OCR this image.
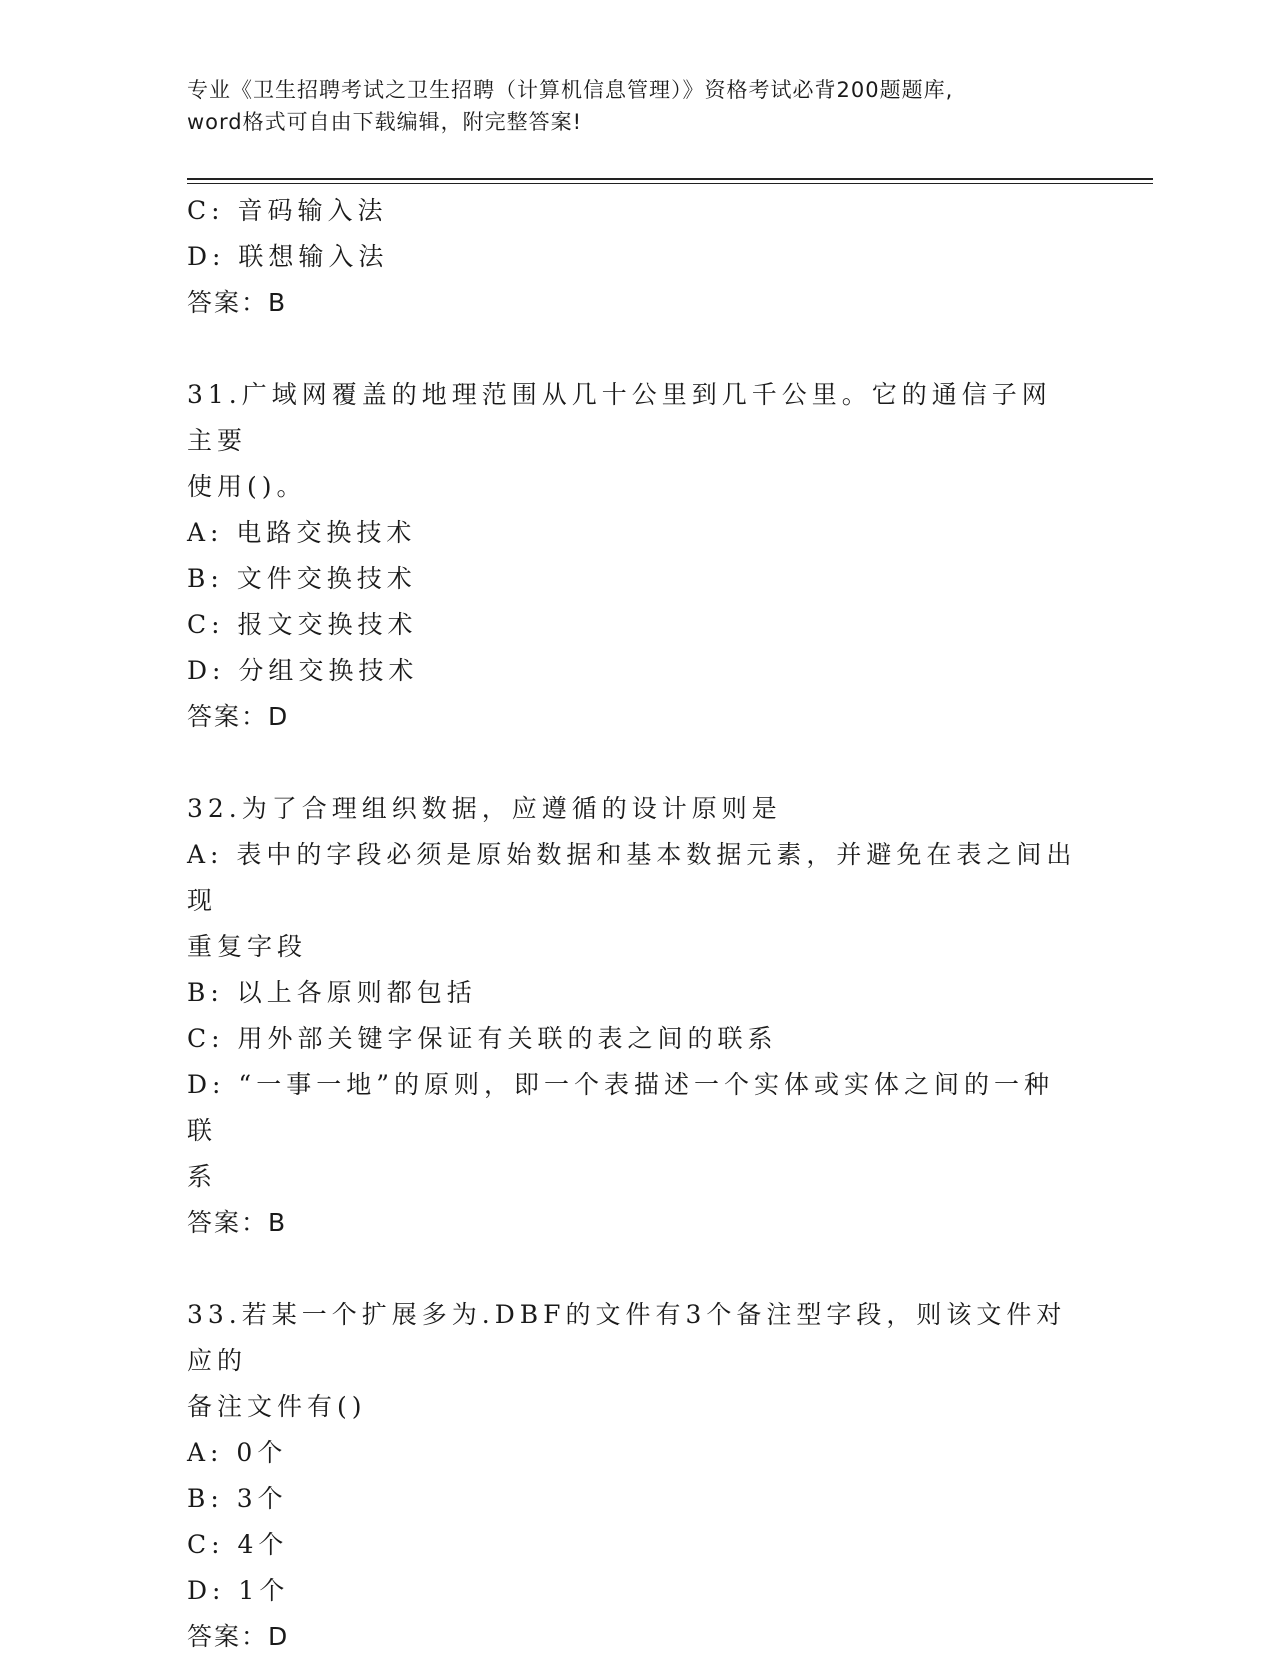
专业《卫生招聘考试之卫生招聘（计算机信息管理）》资格考试必背200题题库,
word格式可自由下载编辑，附完整答案!

C: 音码输入法

D: 联想输入法

答案：B

31.广域网覆盖的地理范围从几十公里到几千公里。它的通信子网主要

使用()。

A: 电路交换技术

B: 文件交换技术

C: 报文交换技术

D: 分组交换技术

答案：D

32.为了合理组织数据，应遵循的设计原则是

A: 表中的字段必须是原始数据和基本数据元素，并避免在表之间出现

重复字段

B: 以上各原则都包括

C: 用外部关键字保证有关联的表之间的联系

D: “一事一地”的原则，即一个表描述一个实体或实体之间的一种联

系

答案：B

33.若某一个扩展多为.DBF的文件有3个备注型字段，则该文件对应的

备注文件有()

A: 0个

B: 3个

C: 4个

D: 1个

答案：D
